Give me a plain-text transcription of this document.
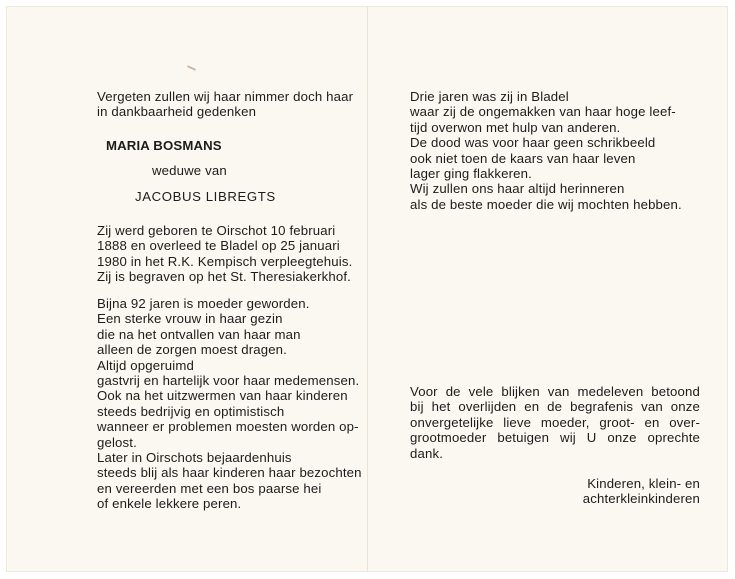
Vergeten zullen wij haar nimmer doch haar
in dankbaarheid gedenken
MARIA BOSMANS
weduwe van
JACOBUS LIBREGTS
Zij werd geboren te Oirschot 10 februari
1888 en overleed te Bladel op 25 januari
1980 in het R.K. Kempisch verpleegtehuis.
Zij is begraven op het St. Theresiakerkhof.
Bijna 92 jaren is moeder geworden.
Een sterke vrouw in haar gezin
die na het ontvallen van haar man
alleen de zorgen moest dragen.
Altijd opgeruimd
gastvrij en hartelijk voor haar medemensen.
Ook na het uitzwermen van haar kinderen
steeds bedrijvig en optimistisch
wanneer er problemen moesten worden op-
gelost.
Later in Oirschots bejaardenhuis
steeds blij als haar kinderen haar bezochten
en vereerden met een bos paarse hei
of enkele lekkere peren.
Drie jaren was zij in Bladel
waar zij de ongemakken van haar hoge leef-
tijd overwon met hulp van anderen.
De dood was voor haar geen schrikbeeld
ook niet toen de kaars van haar leven
lager ging flakkeren.
Wij zullen ons haar altijd herinneren
als de beste moeder die wij mochten hebben.
Voor de vele blijken van medeleven betoond
bij het overlijden en de begrafenis van onze
onvergetelijke lieve moeder, groot- en over-
grootmoeder betuigen wij U onze oprechte
dank.
Kinderen, klein- en
achterkleinkinderen
